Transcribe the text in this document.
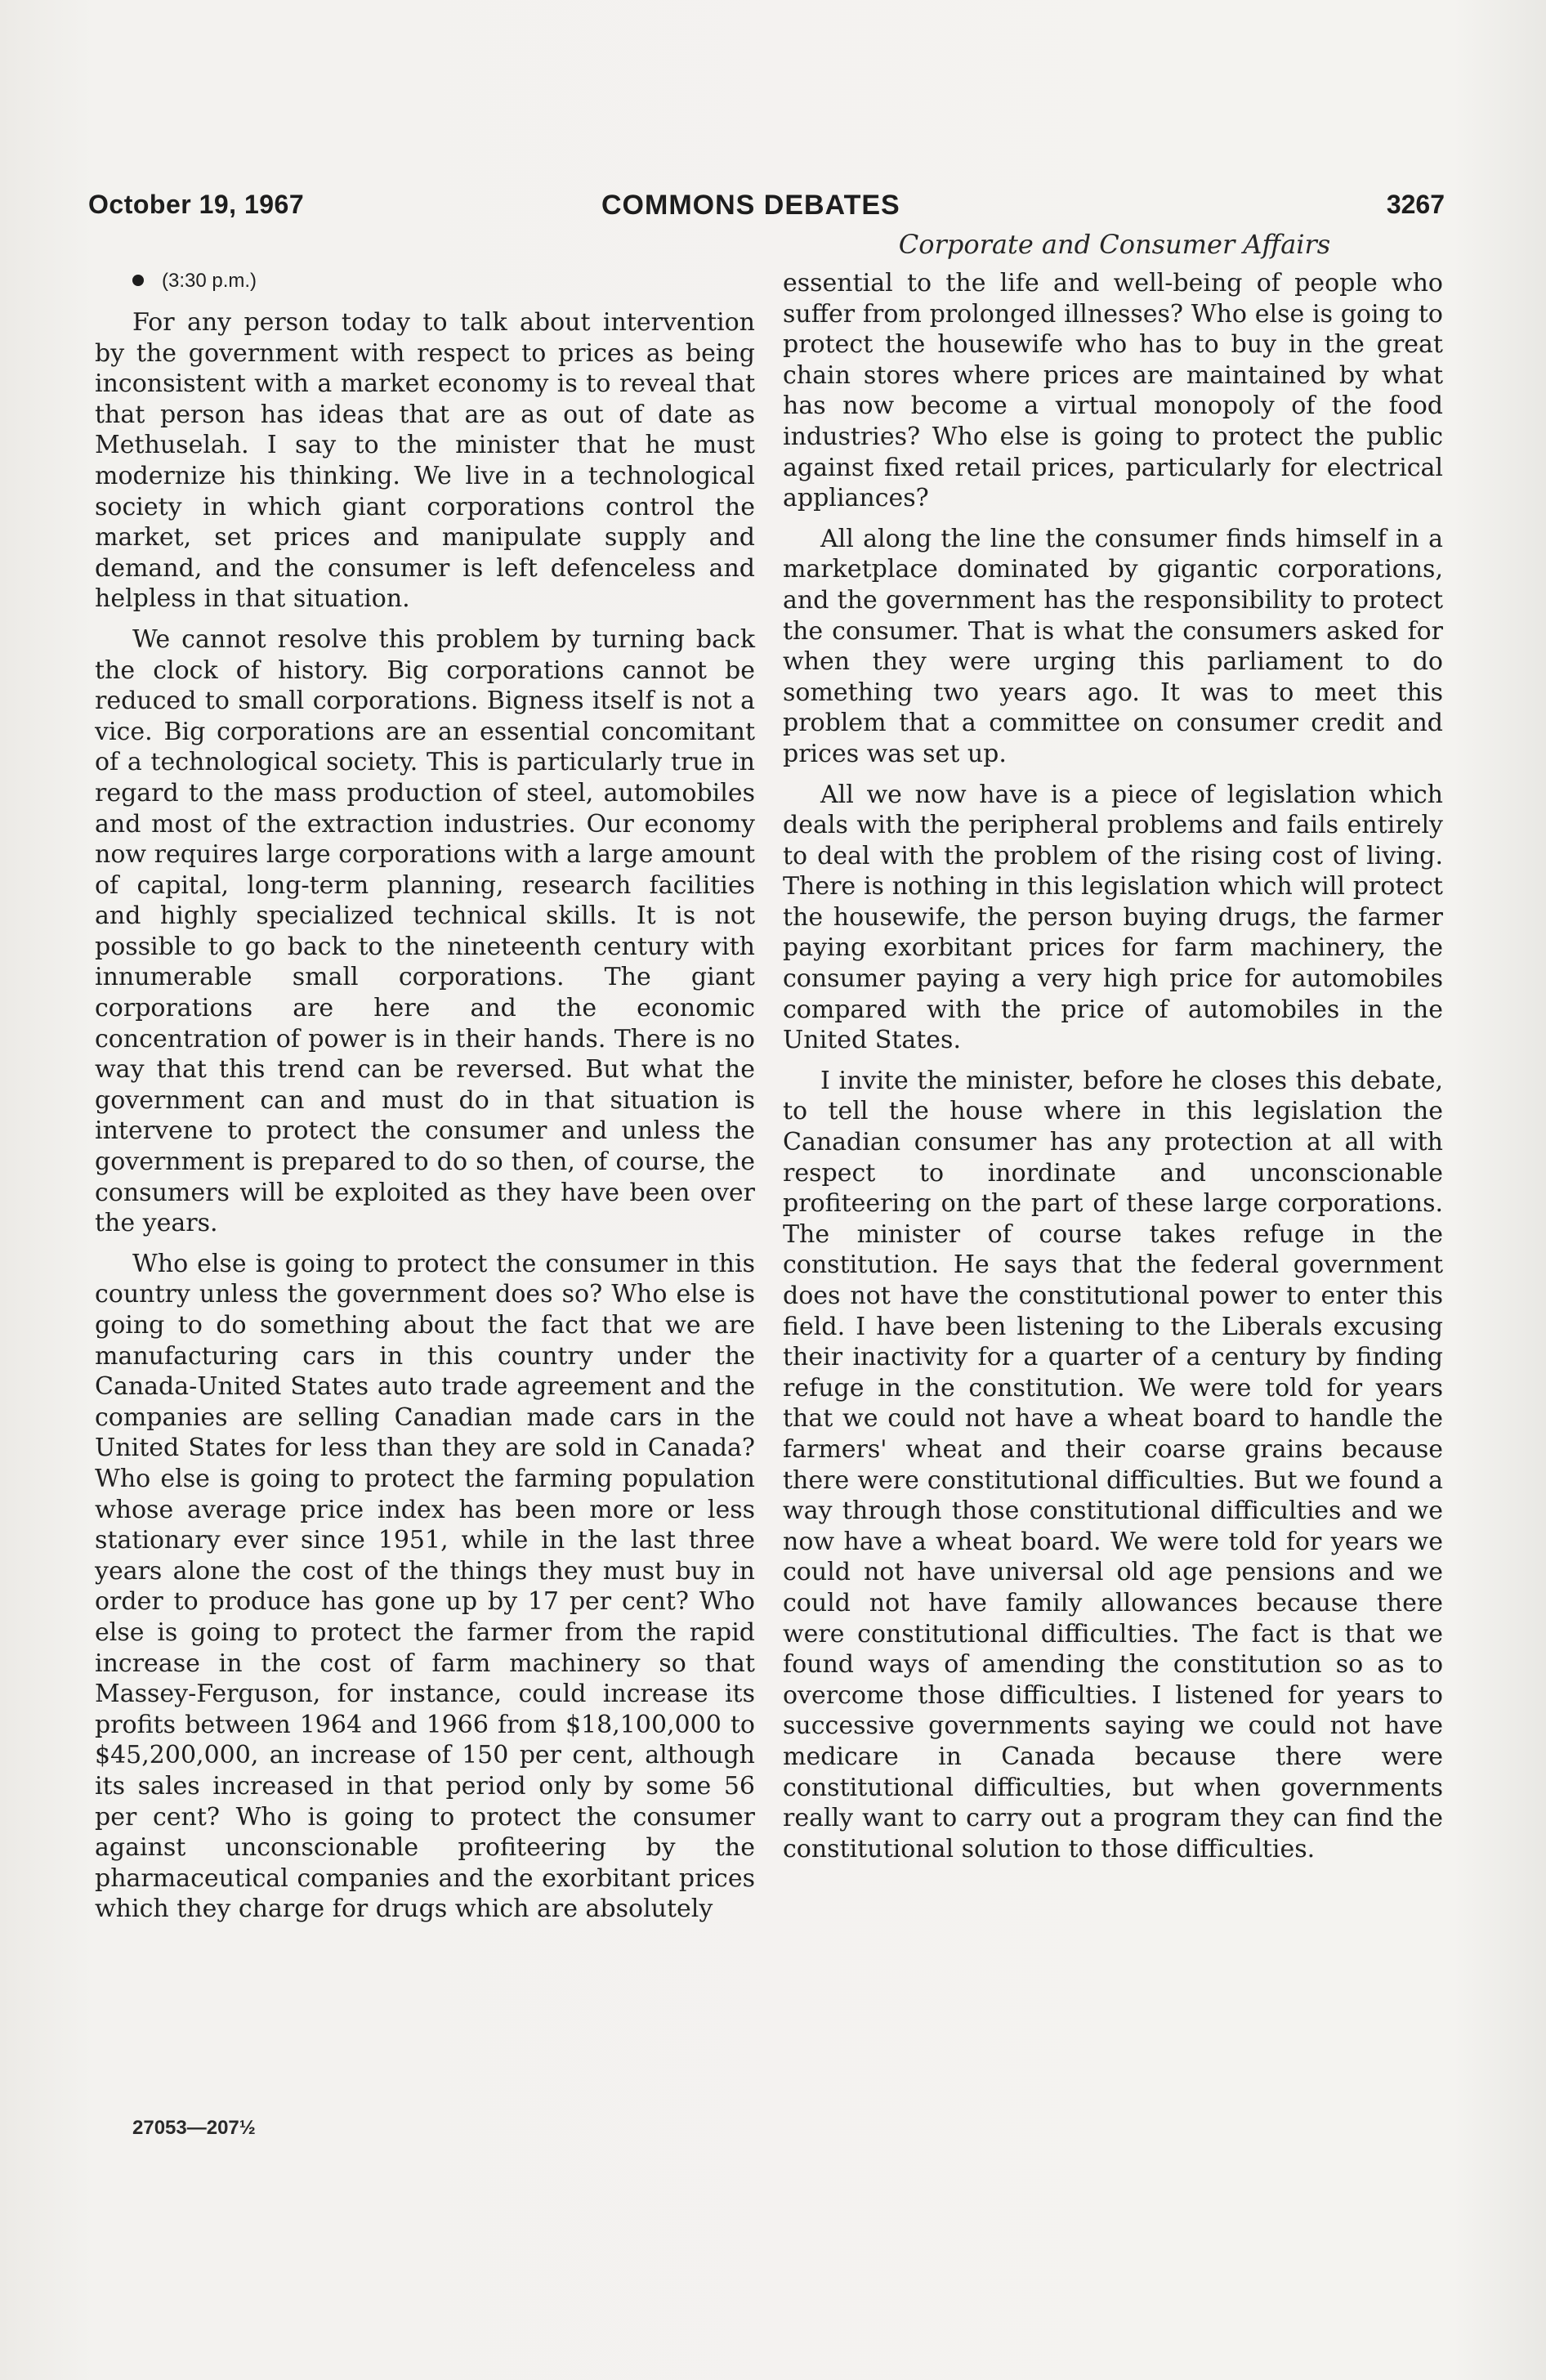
October 19, 1967	COMMONS DEBATES	3267

Corporate and Consumer Affairs

(3:30 p.m.)

For any person today to talk about intervention by the government with respect to prices as being inconsistent with a market economy is to reveal that that person has ideas that are as out of date as Methuselah. I say to the minister that he must modernize his thinking. We live in a technological society in which giant corporations control the market, set prices and manipulate supply and demand, and the consumer is left defenceless and helpless in that situation.

We cannot resolve this problem by turning back the clock of history. Big corporations cannot be reduced to small corporations. Bigness itself is not a vice. Big corporations are an essential concomitant of a technological society. This is particularly true in regard to the mass production of steel, automobiles and most of the extraction industries. Our economy now requires large corporations with a large amount of capital, long-term planning, research facilities and highly specialized technical skills. It is not possible to go back to the nineteenth century with innumerable small corporations. The giant corporations are here and the economic concentration of power is in their hands. There is no way that this trend can be reversed. But what the government can and must do in that situation is intervene to protect the consumer and unless the government is prepared to do so then, of course, the consumers will be exploited as they have been over the years.

Who else is going to protect the consumer in this country unless the government does so? Who else is going to do something about the fact that we are manufacturing cars in this country under the Canada-United States auto trade agreement and the companies are selling Canadian made cars in the United States for less than they are sold in Canada? Who else is going to protect the farming population whose average price index has been more or less stationary ever since 1951, while in the last three years alone the cost of the things they must buy in order to produce has gone up by 17 per cent? Who else is going to protect the farmer from the rapid increase in the cost of farm machinery so that Massey-Ferguson, for instance, could increase its profits between 1964 and 1966 from $18,100,000 to $45,200,000, an increase of 150 per cent, although its sales increased in that period only by some 56 per cent? Who is going to protect the consumer against unconscionable profiteering by the pharmaceutical companies and the exorbitant prices which they charge for drugs which are absolutely

27053—207½

essential to the life and well-being of people who suffer from prolonged illnesses? Who else is going to protect the housewife who has to buy in the great chain stores where prices are maintained by what has now become a virtual monopoly of the food industries? Who else is going to protect the public against fixed retail prices, particularly for electrical appliances?

All along the line the consumer finds himself in a marketplace dominated by gigantic corporations, and the government has the responsibility to protect the consumer. That is what the consumers asked for when they were urging this parliament to do something two years ago. It was to meet this problem that a committee on consumer credit and prices was set up.

All we now have is a piece of legislation which deals with the peripheral problems and fails entirely to deal with the problem of the rising cost of living. There is nothing in this legislation which will protect the housewife, the person buying drugs, the farmer paying exorbitant prices for farm machinery, the consumer paying a very high price for automobiles compared with the price of automobiles in the United States.

I invite the minister, before he closes this debate, to tell the house where in this legislation the Canadian consumer has any protection at all with respect to inordinate and unconscionable profiteering on the part of these large corporations. The minister of course takes refuge in the constitution. He says that the federal government does not have the constitutional power to enter this field. I have been listening to the Liberals excusing their inactivity for a quarter of a century by finding refuge in the constitution. We were told for years that we could not have a wheat board to handle the farmers' wheat and their coarse grains because there were constitutional difficulties. But we found a way through those constitutional difficulties and we now have a wheat board. We were told for years we could not have universal old age pensions and we could not have family allowances because there were constitutional difficulties. The fact is that we found ways of amending the constitution so as to overcome those difficulties. I listened for years to successive governments saying we could not have medicare in Canada because there were constitutional difficulties, but when governments really want to carry out a program they can find the constitutional solution to those difficulties.
